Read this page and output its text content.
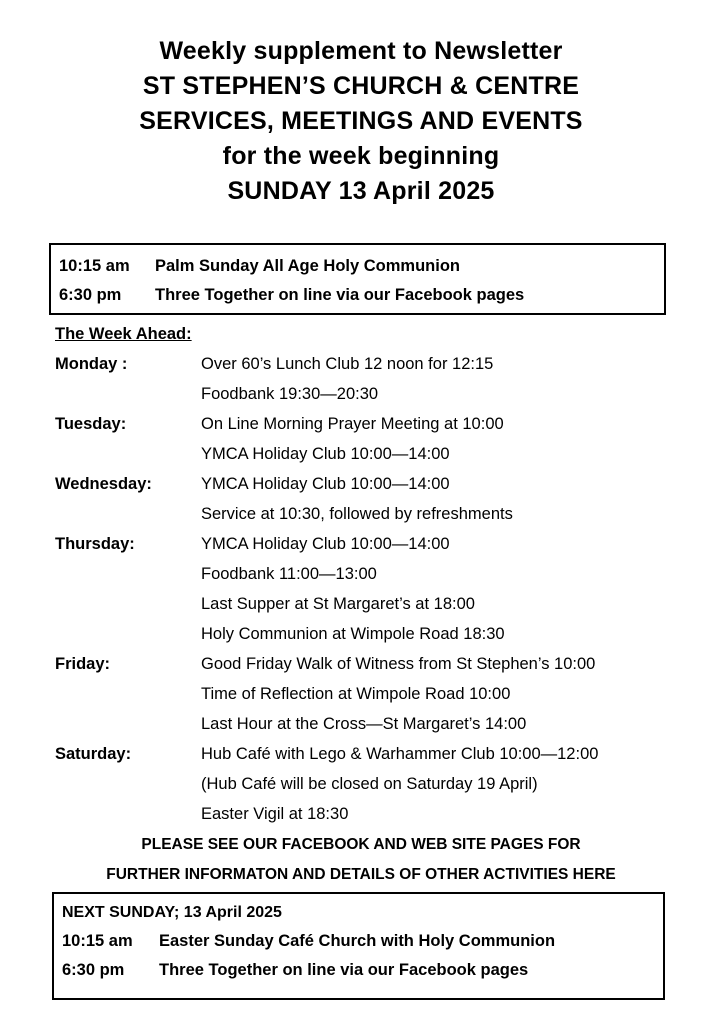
Weekly supplement to Newsletter
ST STEPHEN’S CHURCH & CENTRE
SERVICES, MEETINGS AND EVENTS
for the week beginning
SUNDAY 13 April 2025
10:15 am	Palm Sunday All Age Holy Communion
6:30 pm	Three Together on line via our Facebook pages
The Week Ahead:
Monday :	Over 60’s Lunch Club 12 noon for 12:15
Foodbank 19:30—20:30
Tuesday:	On Line Morning Prayer Meeting at 10:00
YMCA Holiday Club 10:00—14:00
Wednesday:	YMCA Holiday Club 10:00—14:00
Service at 10:30, followed by refreshments
Thursday:	YMCA Holiday Club 10:00—14:00
Foodbank 11:00—13:00
Last Supper at St Margaret’s at 18:00
Holy Communion at Wimpole Road 18:30
Friday:	Good Friday Walk of Witness from St Stephen’s 10:00
Time of Reflection at Wimpole Road 10:00
Last Hour at the Cross—St Margaret’s 14:00
Saturday:	Hub Café with Lego & Warhammer Club 10:00—12:00
(Hub Café will be closed on Saturday 19 April)
Easter Vigil at 18:30
PLEASE SEE OUR FACEBOOK AND WEB SITE PAGES FOR
FURTHER INFORMATON AND DETAILS OF OTHER ACTIVITIES HERE
NEXT SUNDAY; 13 April 2025
10:15 am	Easter Sunday Café Church with Holy Communion
6:30 pm	Three Together on line via our Facebook pages
